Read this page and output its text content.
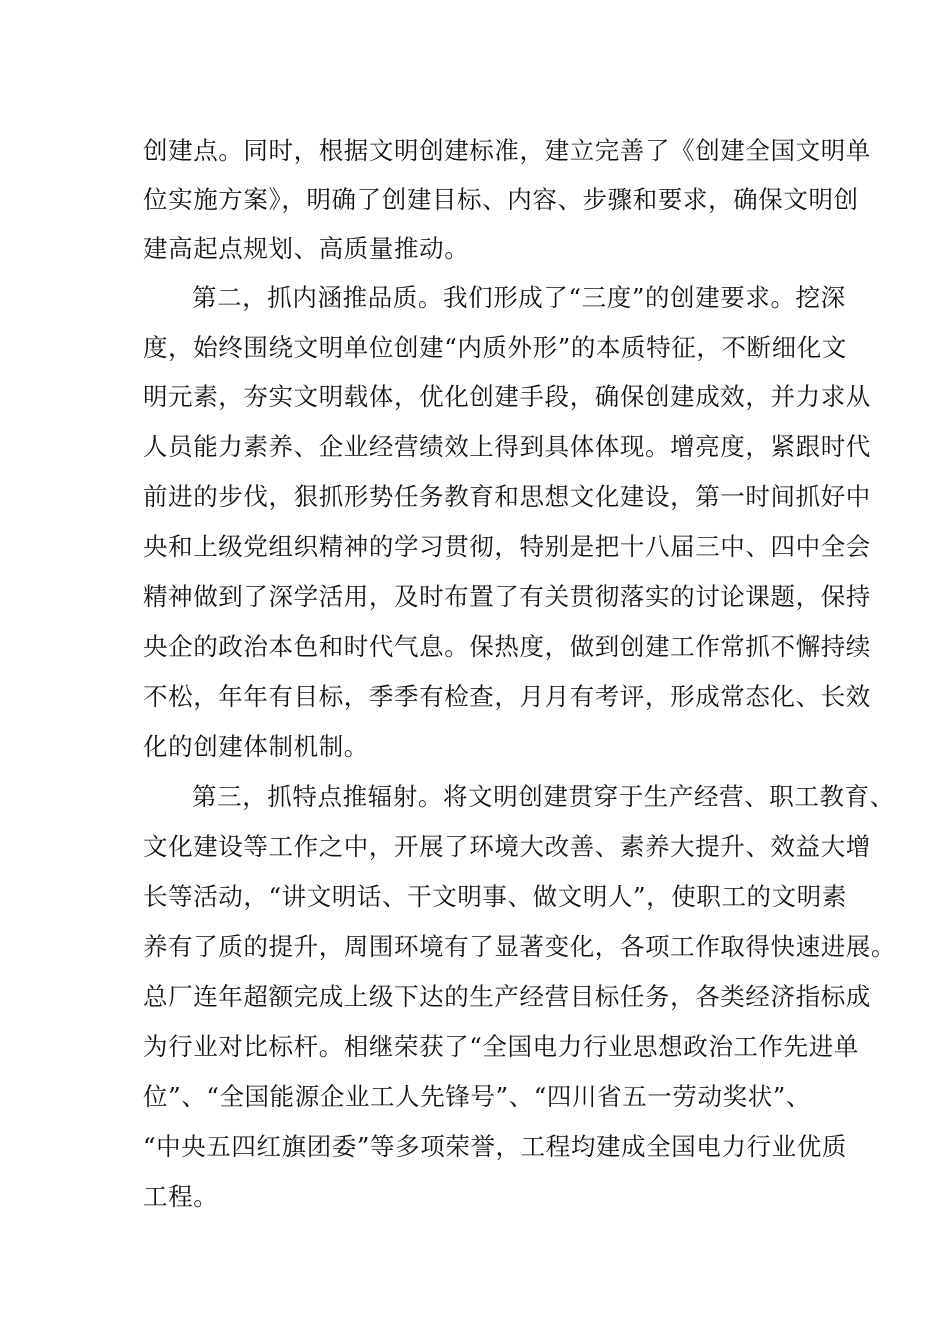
创建点。同时，根据文明创建标准，建立完善了《创建全国文明单
位实施方案》，明确了创建目标、内容、步骤和要求，确保文明创
建高起点规划、高质量推动。
第二，抓内涵推品质。我们形成了“三度”的创建要求。挖深
度，始终围绕文明单位创建“内质外形”的本质特征，不断细化文
明元素，夯实文明载体，优化创建手段，确保创建成效，并力求从
人员能力素养、企业经营绩效上得到具体体现。增亮度，紧跟时代
前进的步伐，狠抓形势任务教育和思想文化建设，第一时间抓好中
央和上级党组织精神的学习贯彻，特别是把十八届三中、四中全会
精神做到了深学活用，及时布置了有关贯彻落实的讨论课题，保持
央企的政治本色和时代气息。保热度，做到创建工作常抓不懈持续
不松，年年有目标，季季有检查，月月有考评，形成常态化、长效
化的创建体制机制。
第三，抓特点推辐射。将文明创建贯穿于生产经营、职工教育、
文化建设等工作之中，开展了环境大改善、素养大提升、效益大增
长等活动，“讲文明话、干文明事、做文明人”，使职工的文明素
养有了质的提升，周围环境有了显著变化，各项工作取得快速进展。
总厂连年超额完成上级下达的生产经营目标任务，各类经济指标成
为行业对比标杆。相继荣获了“全国电力行业思想政治工作先进单
位”、“全国能源企业工人先锋号”、“四川省五一劳动奖状”、
“中央五四红旗团委”等多项荣誉，工程均建成全国电力行业优质
工程。
